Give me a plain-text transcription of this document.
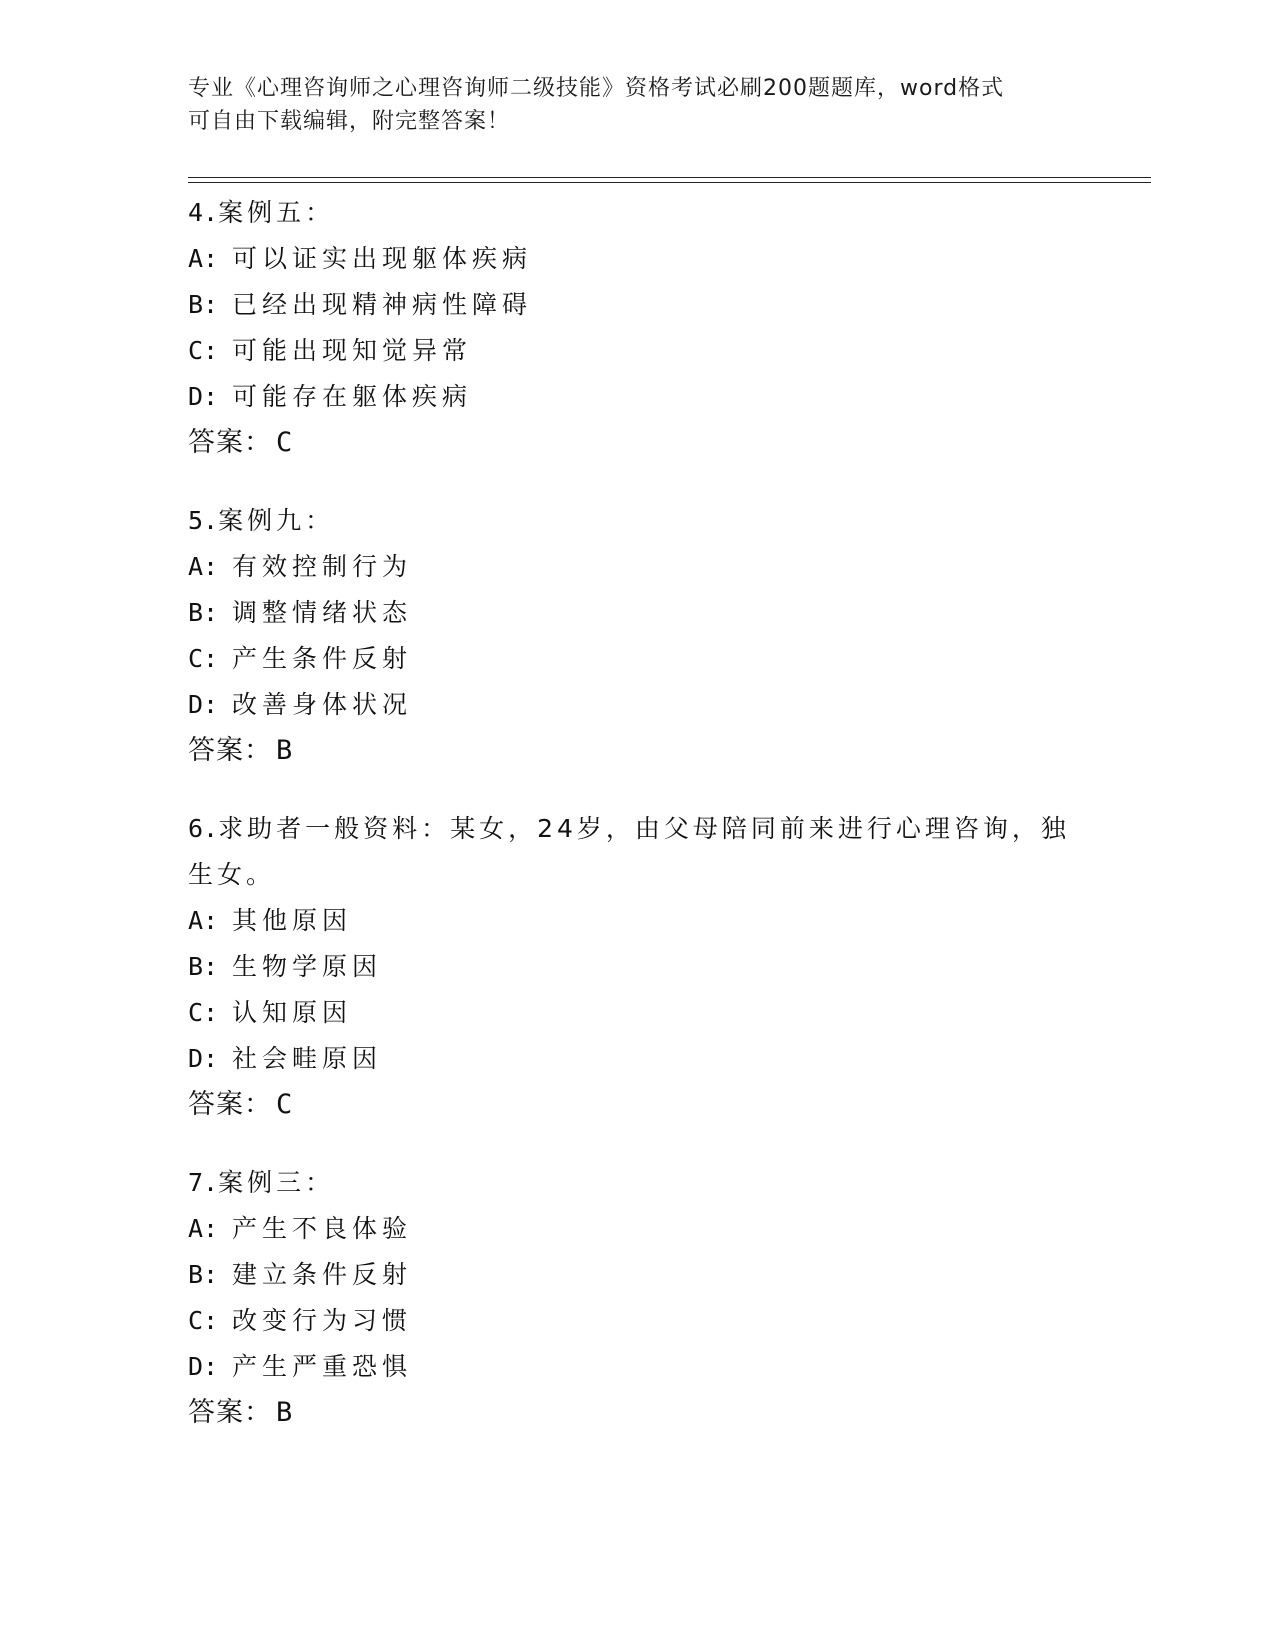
专业《心理咨询师之心理咨询师二级技能》资格考试必刷200题题库，word格式
可自由下载编辑，附完整答案！
4.案例五：
A: 可以证实出现躯体疾病
B: 已经出现精神病性障碍
C: 可能出现知觉异常
D: 可能存在躯体疾病
答案： C
5.案例九：
A: 有效控制行为
B: 调整情绪状态
C: 产生条件反射
D: 改善身体状况
答案： B
6.求助者一般资料：某女，24岁，由父母陪同前来进行心理咨询，独生女。
A: 其他原因
B: 生物学原因
C: 认知原因
D: 社会畦原因
答案： C
7.案例三：
A: 产生不良体验
B: 建立条件反射
C: 改变行为习惯
D: 产生严重恐惧
答案： B
